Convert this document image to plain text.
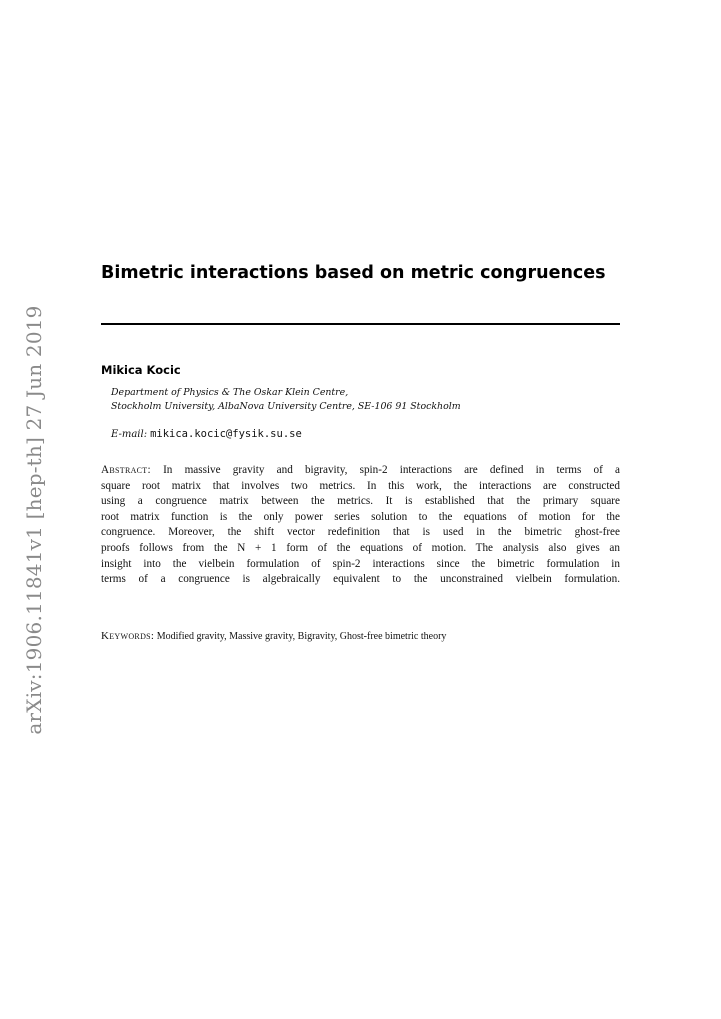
arXiv:1906.11841v1 [hep-th] 27 Jun 2019
Bimetric interactions based on metric congruences
Mikica Kocic
Department of Physics & The Oskar Klein Centre,
Stockholm University, AlbaNova University Centre, SE-106 91 Stockholm
E-mail: mikica.kocic@fysik.su.se
Abstract: In massive gravity and bigravity, spin-2 interactions are defined in terms of a
square root matrix that involves two metrics. In this work, the interactions are constructed
using a congruence matrix between the metrics. It is established that the primary square
root matrix function is the only power series solution to the equations of motion for the
congruence. Moreover, the shift vector redefinition that is used in the bimetric ghost-free
proofs follows from the N + 1 form of the equations of motion. The analysis also gives an
insight into the vielbein formulation of spin-2 interactions since the bimetric formulation in
terms of a congruence is algebraically equivalent to the unconstrained vielbein formulation.
Keywords: Modified gravity, Massive gravity, Bigravity, Ghost-free bimetric theory
